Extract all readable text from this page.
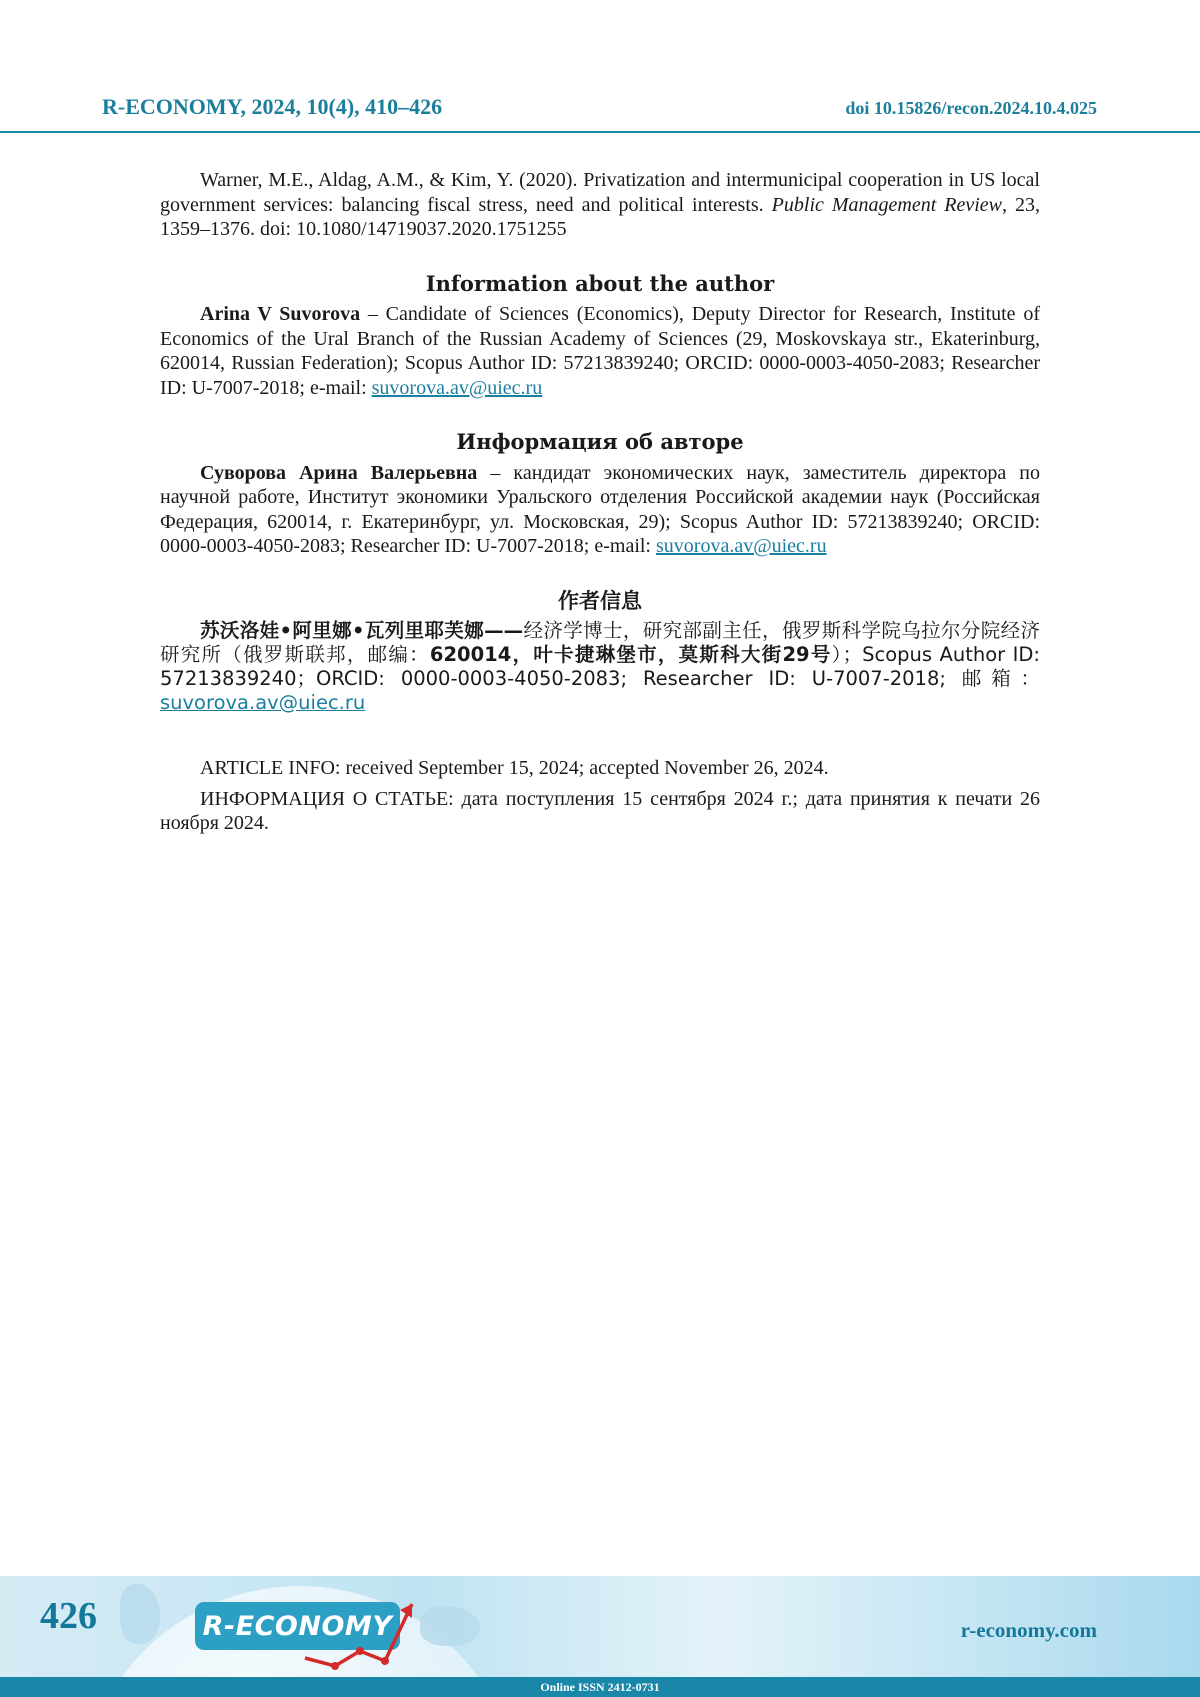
R-ECONOMY, 2024, 10(4), 410–426	doi 10.15826/recon.2024.10.4.025

Warner, M.E., Aldag, A.M., & Kim, Y. (2020). Privatization and intermunicipal cooperation in US local government services: balancing fiscal stress, need and political interests. Public Management Review, 23, 1359–1376. doi: 10.1080/14719037.2020.1751255

Information about the author

Arina V Suvorova – Candidate of Sciences (Economics), Deputy Director for Research, Institute of Economics of the Ural Branch of the Russian Academy of Sciences (29, Moskovskaya str., Ekaterinburg, 620014, Russian Federation); Scopus Author ID: 57213839240; ORCID: 0000-0003-4050-2083; Researcher ID: U-7007-2018; e-mail: suvorova.av@uiec.ru

Информация об авторе

Суворова Арина Валерьевна – кандидат экономических наук, заместитель директора по научной работе, Институт экономики Уральского отделения Российской академии наук (Российская Федерация, 620014, г. Екатеринбург, ул. Московская, 29); Scopus Author ID: 57213839240; ORCID: 0000-0003-4050-2083; Researcher ID: U-7007-2018; e-mail: suvorova.av@uiec.ru

作者信息

苏沃洛娃•阿里娜•瓦列里耶芙娜——经济学博士，研究部副主任，俄罗斯科学院乌拉尔分院经济研究所（俄罗斯联邦，邮编：620014，叶卡捷琳堡市，莫斯科大街29号）；Scopus Author ID: 57213839240；ORCID: 0000-0003-4050-2083; Researcher ID: U-7007-2018; 邮箱：suvorova.av@uiec.ru

ARTICLE INFO: received September 15, 2024; accepted November 26, 2024.

ИНФОРМАЦИЯ О СТАТЬЕ: дата поступления 15 сентября 2024 г.; дата принятия к печати 26 ноября 2024.

426	R-ECONOMY	r-economy.com
Online ISSN 2412-0731
